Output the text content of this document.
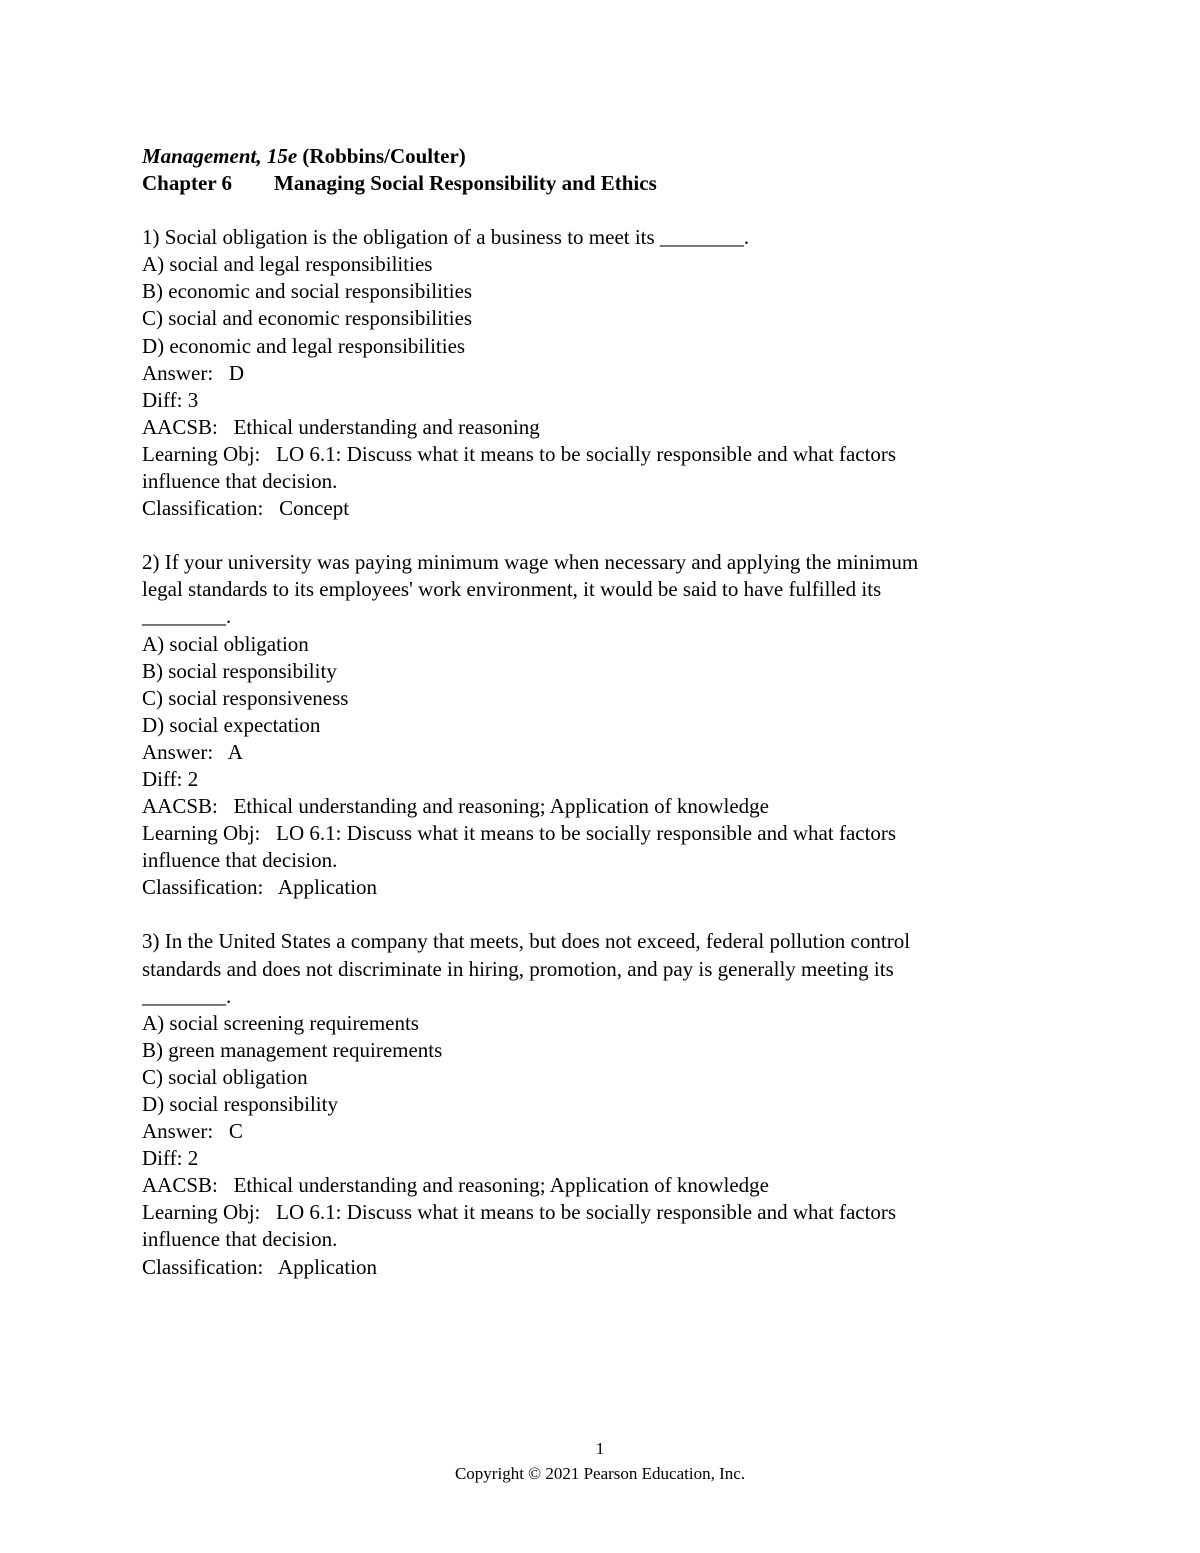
Management, 15e (Robbins/Coulter)
Chapter 6 Managing Social Responsibility and Ethics
1) Social obligation is the obligation of a business to meet its ________.
A) social and legal responsibilities
B) economic and social responsibilities
C) social and economic responsibilities
D) economic and legal responsibilities
Answer:   D
Diff: 3
AACSB:   Ethical understanding and reasoning
Learning Obj:   LO 6.1: Discuss what it means to be socially responsible and what factors
influence that decision.
Classification:   Concept
2) If your university was paying minimum wage when necessary and applying the minimum
legal standards to its employees' work environment, it would be said to have fulfilled its
________.
A) social obligation
B) social responsibility
C) social responsiveness
D) social expectation
Answer:   A
Diff: 2
AACSB:   Ethical understanding and reasoning; Application of knowledge
Learning Obj:   LO 6.1: Discuss what it means to be socially responsible and what factors
influence that decision.
Classification:   Application
3) In the United States a company that meets, but does not exceed, federal pollution control
standards and does not discriminate in hiring, promotion, and pay is generally meeting its
________.
A) social screening requirements
B) green management requirements
C) social obligation
D) social responsibility
Answer:   C
Diff: 2
AACSB:   Ethical understanding and reasoning; Application of knowledge
Learning Obj:   LO 6.1: Discuss what it means to be socially responsible and what factors
influence that decision.
Classification:   Application
1
Copyright © 2021 Pearson Education, Inc.
